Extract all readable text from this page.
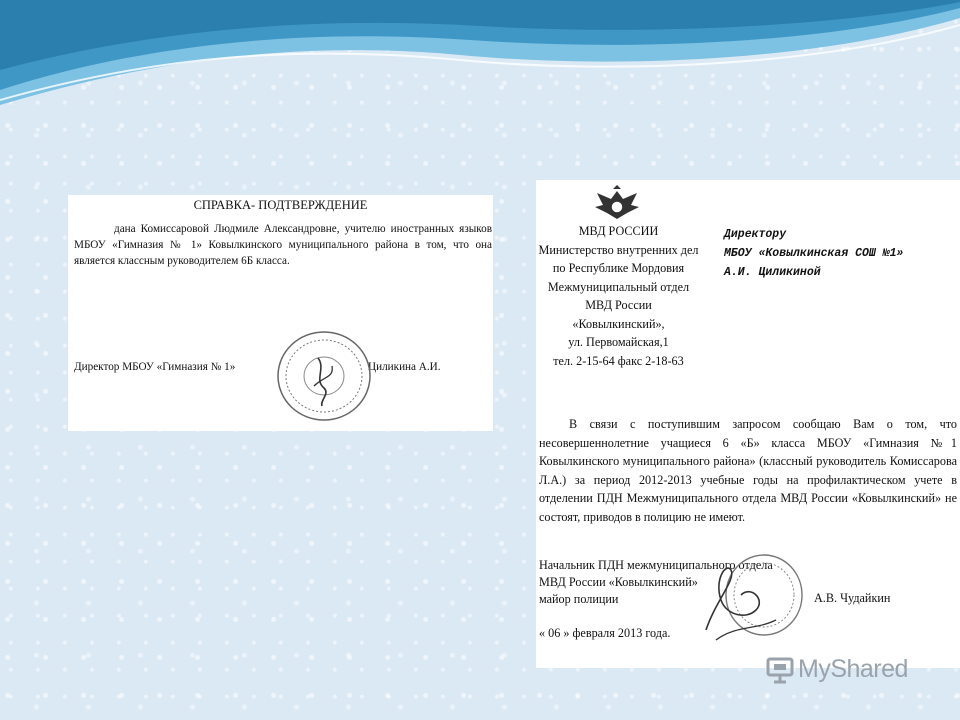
СПРАВКА- ПОДТВЕРЖДЕНИЕ
дана Комиссаровой Людмиле Александровне, учителю иностранных языков МБОУ «Гимназия № 1» Ковылкинского муниципального района в том, что она является классным руководителем 6Б класса.
Директор МБОУ «Гимназия № 1»	Циликина А.И.
МВД РОССИИ
Министерство внутренних дел
по Республике Мордовия
Межмуниципальный отдел
МВД России
«Ковылкинский»,
ул. Первомайская,1
тел. 2-15-64 факс 2-18-63
Директору
МБОУ «Ковылкинская СОШ №1»
А.И. Циликиной
В связи с поступившим запросом сообщаю Вам о том, что несовершеннолетние учащиеся 6 «Б» класса МБОУ «Гимназия №1 Ковылкинского муниципального района» (классный руководитель Комиссарова Л.А.) за период 2012-2013 учебные годы на профилактическом учете в отделении ПДН Межмуниципального отдела МВД России «Ковылкинский» не состоят, приводов в полицию не имеют.
Начальник ПДН межмуниципального отдела
МВД России «Ковылкинский»
майор полиции	А.В. Чудайкин
« 06 » февраля 2013 года.
MyShared
